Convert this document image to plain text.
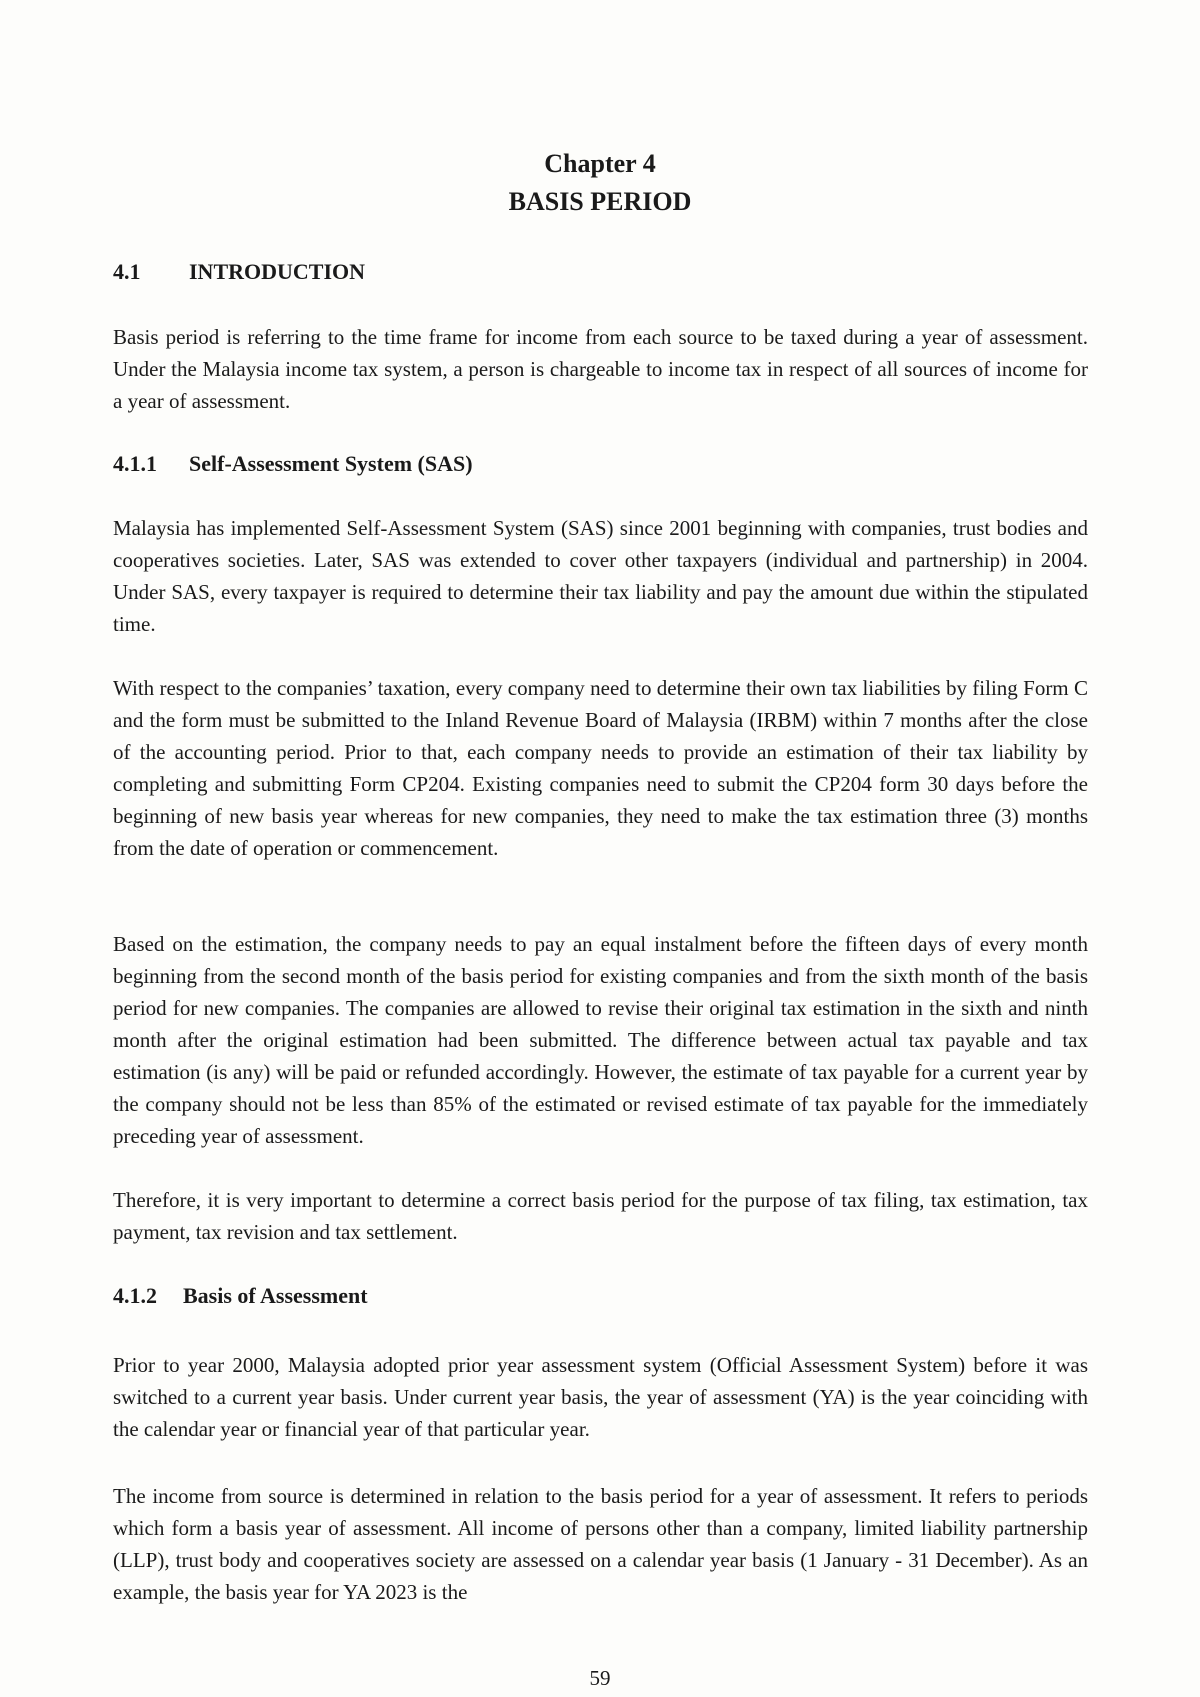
Chapter 4
BASIS PERIOD
4.1 INTRODUCTION

Basis period is referring to the time frame for income from each source to be taxed during a year of assessment. Under the Malaysia income tax system, a person is chargeable to income tax in respect of all sources of income for a year of assessment.

4.1.1 Self-Assessment System (SAS)

Malaysia has implemented Self-Assessment System (SAS) since 2001 beginning with companies, trust bodies and cooperatives societies. Later, SAS was extended to cover other taxpayers (individual and partnership) in 2004. Under SAS, every taxpayer is required to determine their tax liability and pay the amount due within the stipulated time.

With respect to the companies’ taxation, every company need to determine their own tax liabilities by filing Form C and the form must be submitted to the Inland Revenue Board of Malaysia (IRBM) within 7 months after the close of the accounting period. Prior to that, each company needs to provide an estimation of their tax liability by completing and submitting Form CP204. Existing companies need to submit the CP204 form 30 days before the beginning of new basis year whereas for new companies, they need to make the tax estimation three (3) months from the date of operation or commencement.

Based on the estimation, the company needs to pay an equal instalment before the fifteen days of every month beginning from the second month of the basis period for existing companies and from the sixth month of the basis period for new companies. The companies are allowed to revise their original tax estimation in the sixth and ninth month after the original estimation had been submitted. The difference between actual tax payable and tax estimation (is any) will be paid or refunded accordingly. However, the estimate of tax payable for a current year by the company should not be less than 85% of the estimated or revised estimate of tax payable for the immediately preceding year of assessment.

Therefore, it is very important to determine a correct basis period for the purpose of tax filing, tax estimation, tax payment, tax revision and tax settlement.

4.1.2 Basis of Assessment

Prior to year 2000, Malaysia adopted prior year assessment system (Official Assessment System) before it was switched to a current year basis. Under current year basis, the year of assessment (YA) is the year coinciding with the calendar year or financial year of that particular year.

The income from source is determined in relation to the basis period for a year of assessment. It refers to periods which form a basis year of assessment. All income of persons other than a company, limited liability partnership (LLP), trust body and cooperatives society are assessed on a calendar year basis (1 January - 31 December). As an example, the basis year for YA 2023 is the

59
